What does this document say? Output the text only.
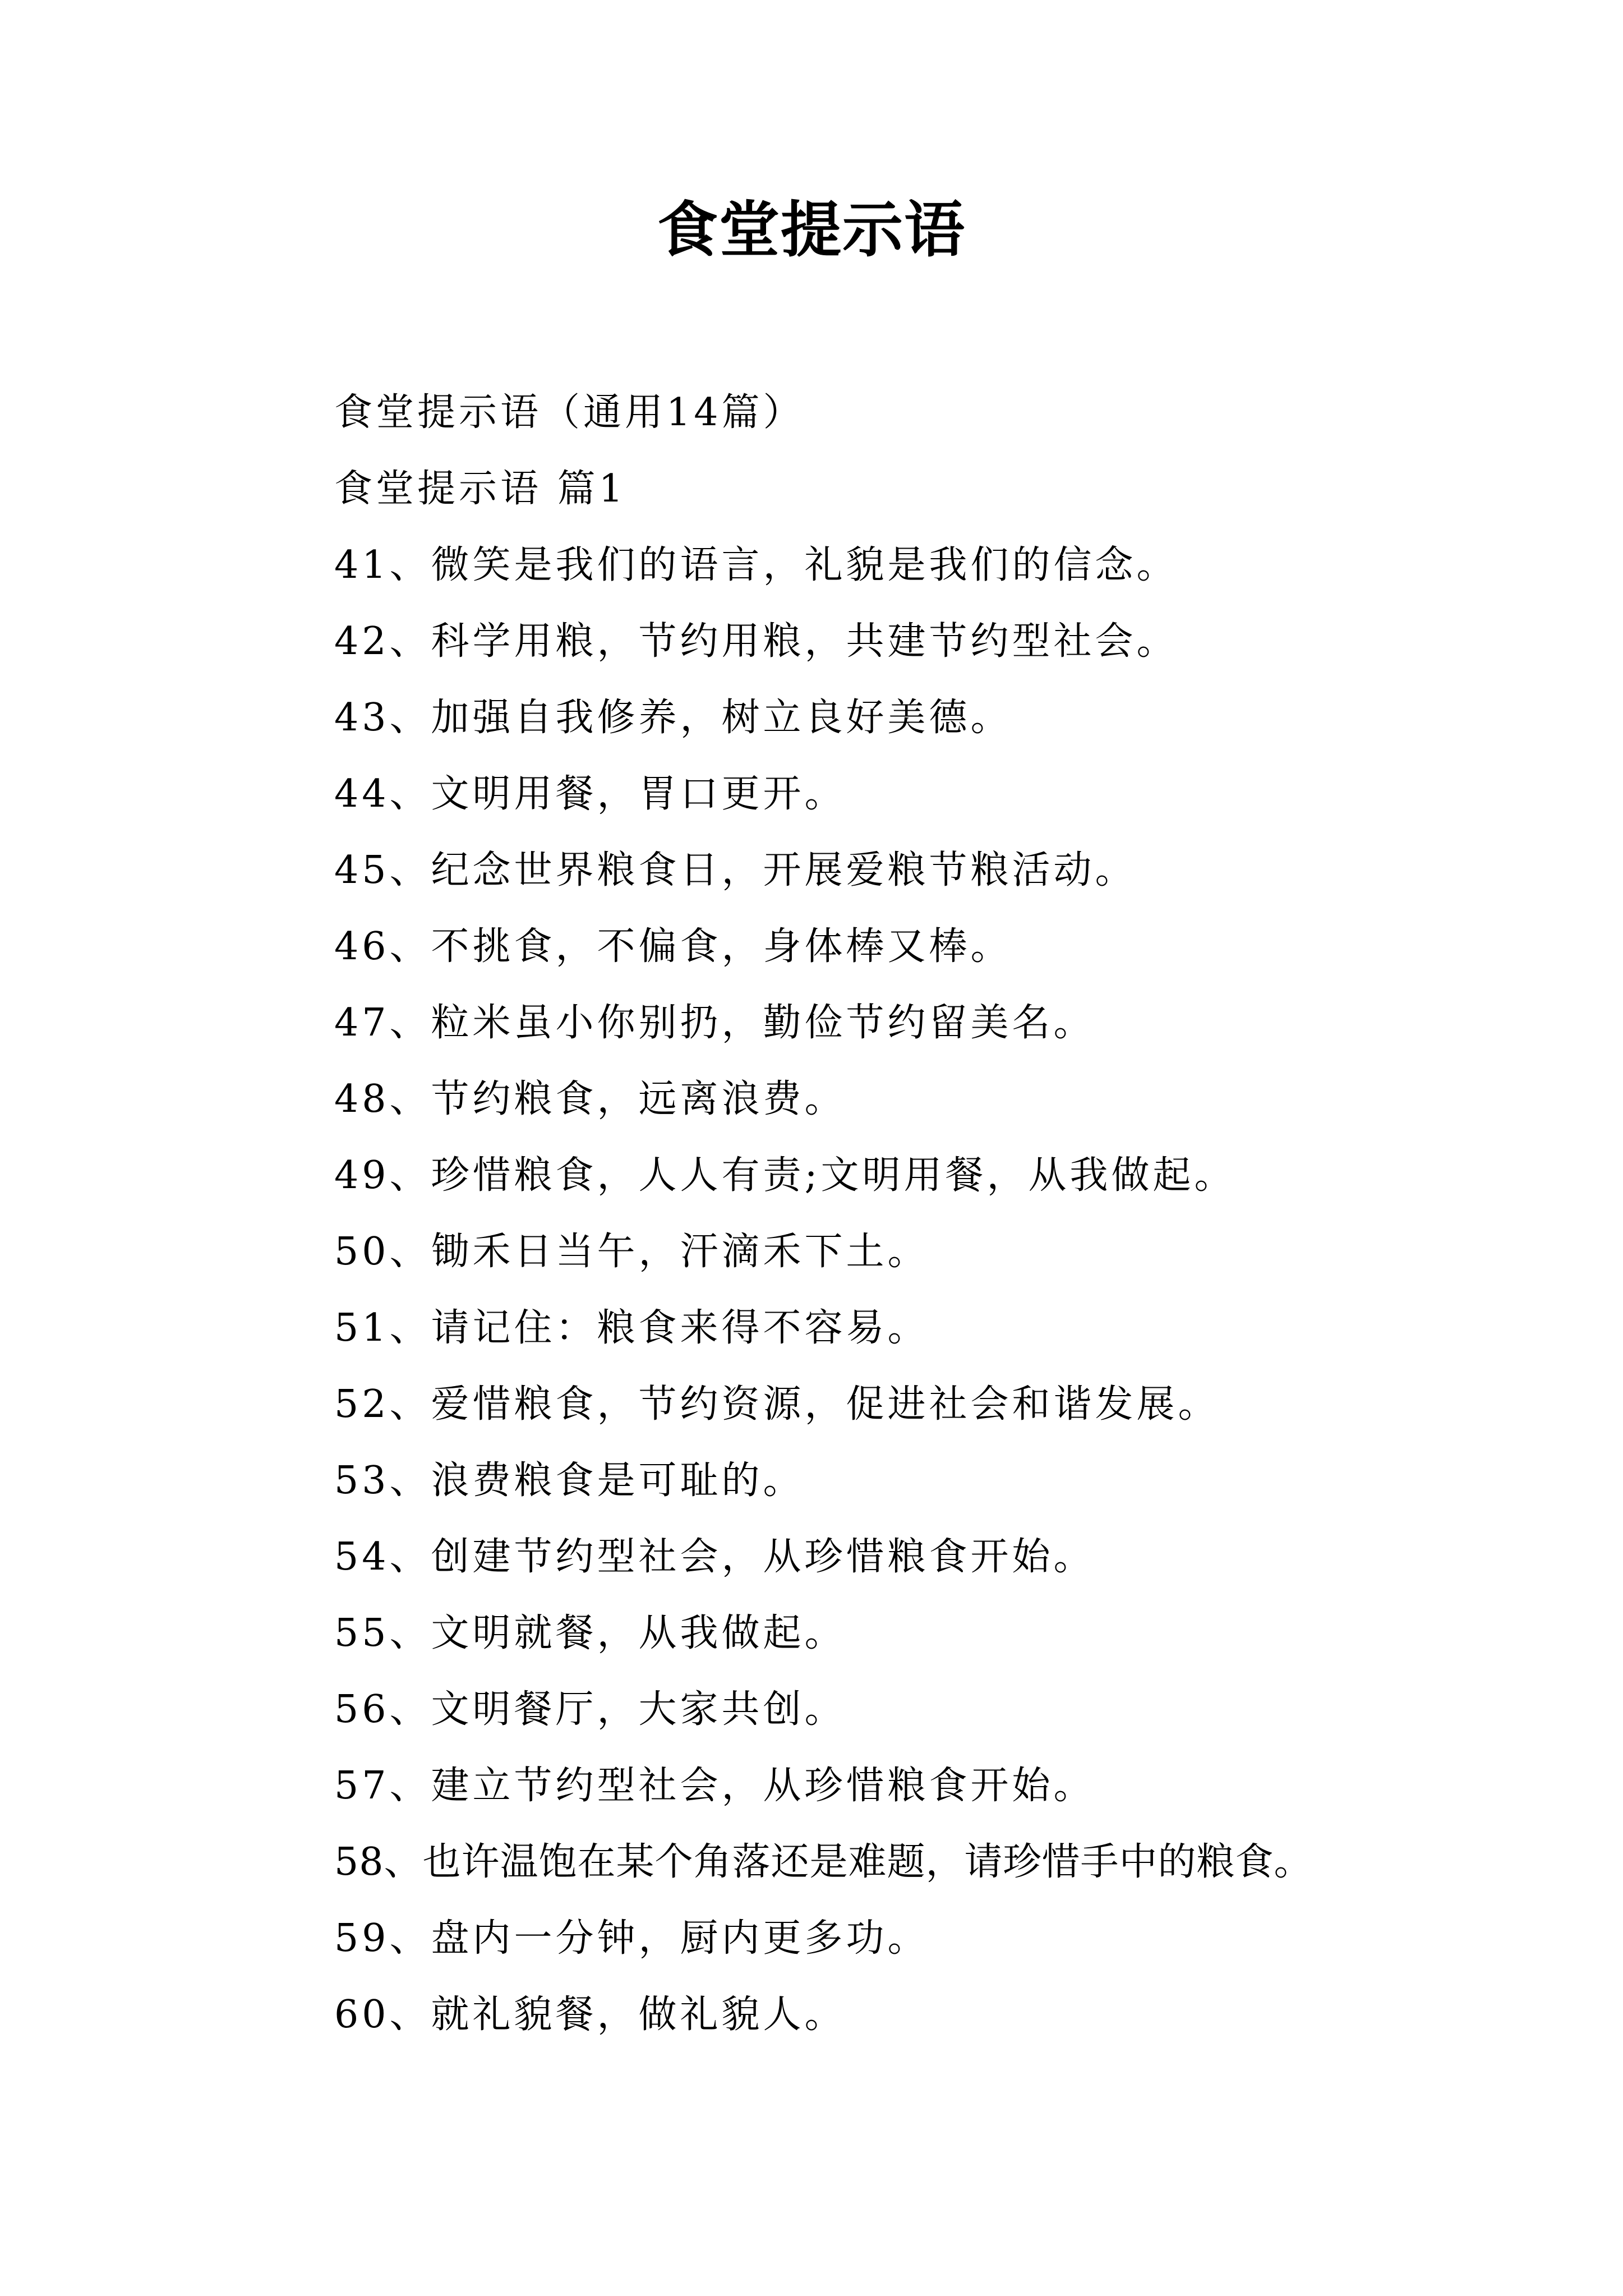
食堂提示语
食堂提示语（通用14篇）
食堂提示语 篇1
41、微笑是我们的语言，礼貌是我们的信念。
42、科学用粮，节约用粮，共建节约型社会。
43、加强自我修养，树立良好美德。
44、文明用餐，胃口更开。
45、纪念世界粮食日，开展爱粮节粮活动。
46、不挑食，不偏食，身体棒又棒。
47、粒米虽小你别扔，勤俭节约留美名。
48、节约粮食，远离浪费。
49、珍惜粮食，人人有责;文明用餐，从我做起。
50、锄禾日当午，汗滴禾下土。
51、请记住：粮食来得不容易。
52、爱惜粮食，节约资源，促进社会和谐发展。
53、浪费粮食是可耻的。
54、创建节约型社会，从珍惜粮食开始。
55、文明就餐，从我做起。
56、文明餐厅，大家共创。
57、建立节约型社会，从珍惜粮食开始。
58、也许温饱在某个角落还是难题，请珍惜手中的粮食。
59、盘内一分钟，厨内更多功。
60、就礼貌餐，做礼貌人。
